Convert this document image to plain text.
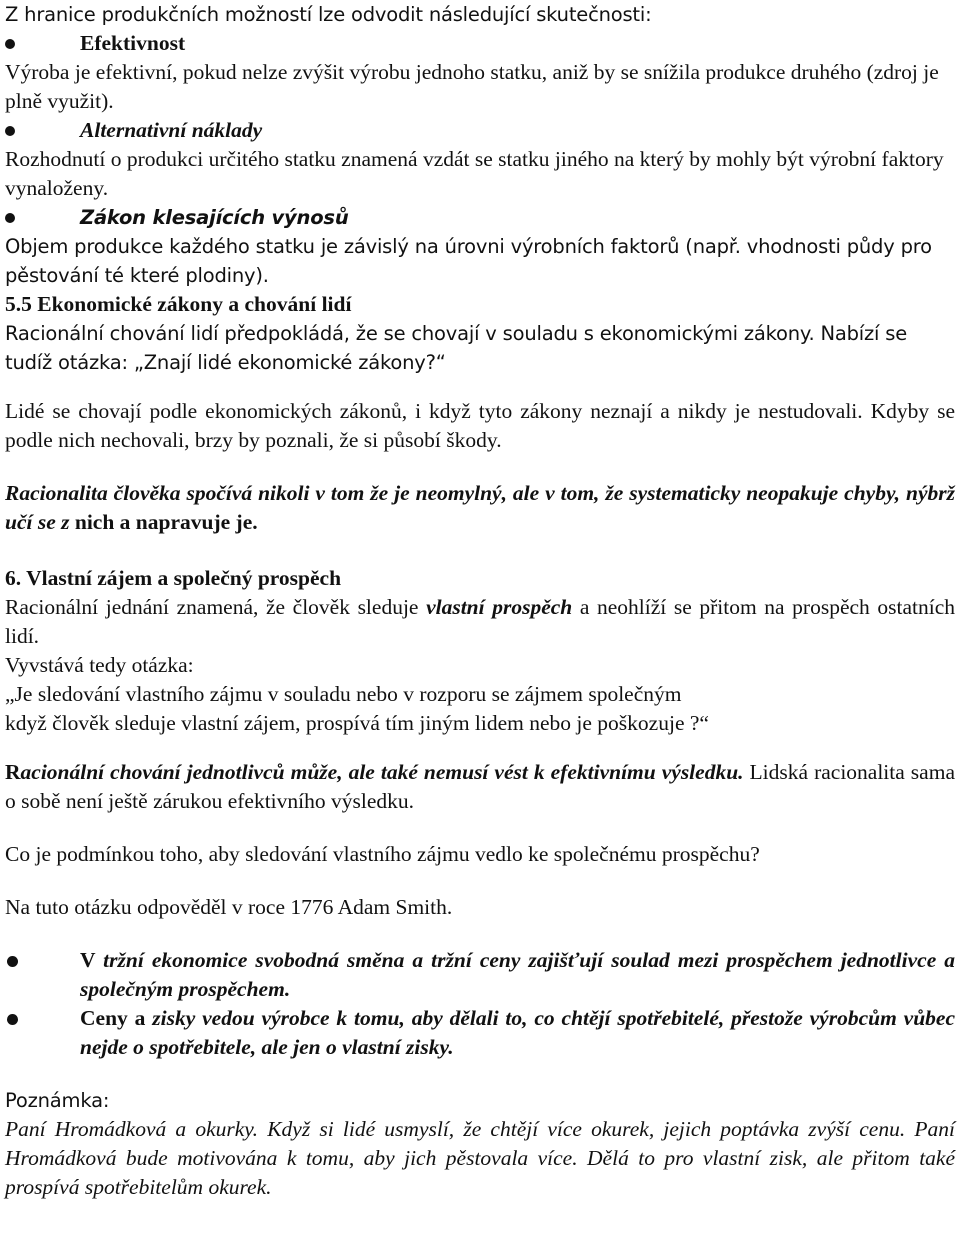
Z hranice produkčních možností lze odvodit následující skutečnosti:

Efektivnost

Výroba je efektivní, pokud nelze zvýšit výrobu jednoho statku, aniž by se snížila produkce druhého (zdroj je plně využit).

Alternativní náklady

Rozhodnutí o produkci určitého statku znamená vzdát se statku jiného na který by mohly být výrobní faktory vynaloženy.

Zákon klesajících výnosů

Objem produkce každého statku je závislý na úrovni výrobních faktorů (např. vhodnosti půdy pro pěstování té které plodiny).

5.5 Ekonomické zákony a chování lidí

Racionální chování lidí předpokládá, že se chovají v souladu s ekonomickými zákony. Nabízí se tudíž otázka: „Znají lidé ekonomické zákony?“

Lidé se chovají podle ekonomických zákonů, i když tyto zákony neznají a nikdy je nestudovali. Kdyby se podle nich nechovali, brzy by poznali, že si působí škody.

Racionalita člověka spočívá nikoli v tom že je neomylný, ale v tom, že systematicky neopakuje chyby, nýbrž učí se z nich a napravuje je.

6. Vlastní zájem a společný prospěch

Racionální jednání znamená, že člověk sleduje vlastní prospěch a neohlíží se přitom na prospěch ostatních lidí.

Vyvstává tedy otázka:

„Je sledování vlastního zájmu v souladu nebo v rozporu se zájmem společným

když člověk sleduje vlastní zájem, prospívá tím jiným lidem nebo je poškozuje ?“

Racionální chování jednotlivců může, ale také nemusí vést k efektivnímu výsledku. Lidská racionalita sama o sobě není ještě zárukou efektivního výsledku.

Co je podmínkou toho, aby sledování vlastního zájmu vedlo ke společnému prospěchu?

Na tuto otázku odpověděl v roce 1776 Adam Smith.

V tržní ekonomice svobodná směna a tržní ceny zajišťují soulad mezi prospěchem jednotlivce a společným prospěchem.
Ceny a zisky vedou výrobce k tomu, aby dělali to, co chtějí spotřebitelé, přestože výrobcům vůbec nejde o spotřebitele, ale jen o vlastní zisky.

Poznámka:

Paní Hromádková a okurky. Když si lidé usmyslí, že chtějí více okurek, jejich poptávka zvýší cenu. Paní Hromádková bude motivována k tomu, aby jich pěstovala více. Dělá to pro vlastní zisk, ale přitom také prospívá spotřebitelům okurek.
